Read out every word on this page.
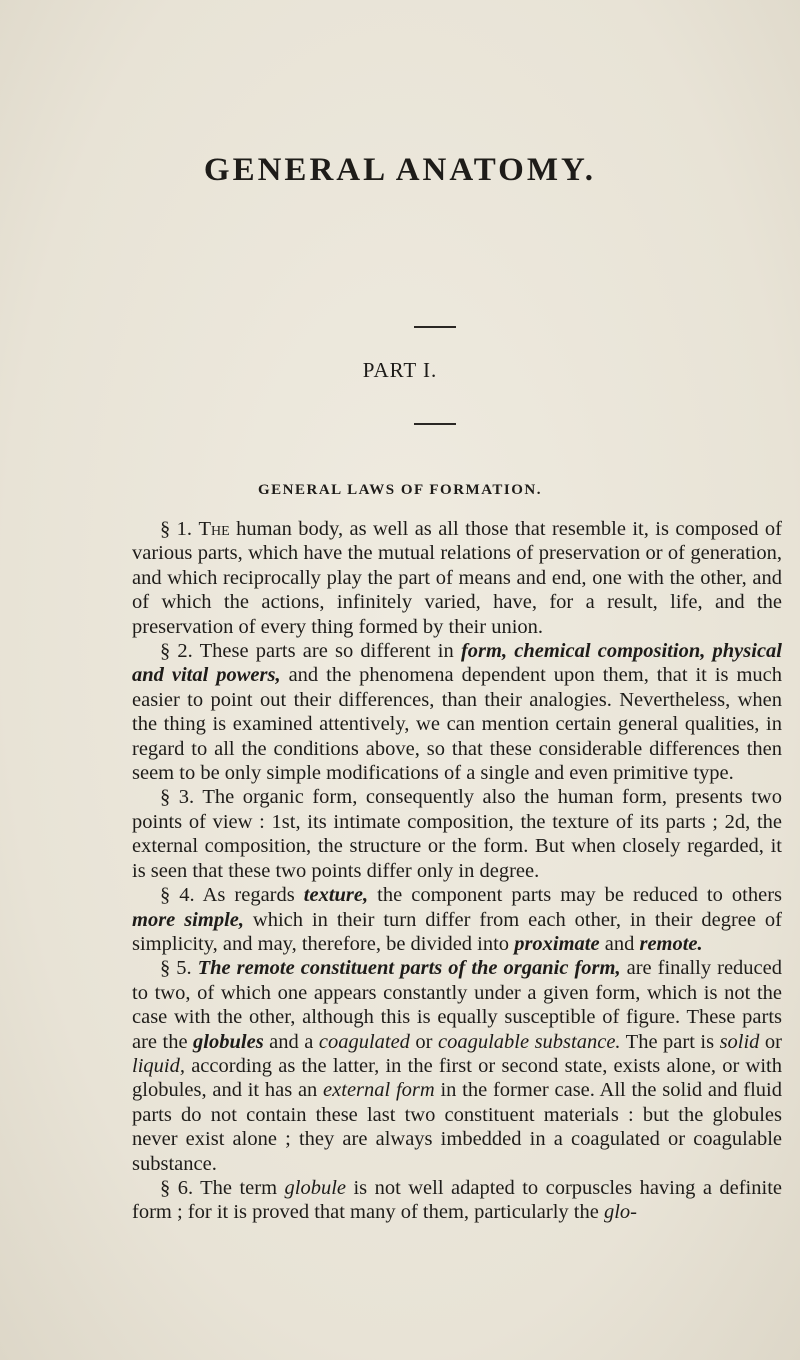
GENERAL ANATOMY.
PART I.
GENERAL LAWS OF FORMATION.

§ 1. The human body, as well as all those that resemble it, is composed of various parts, which have the mutual relations of preservation or of generation, and which reciprocally play the part of means and end, one with the other, and of which the actions, infinitely varied, have, for a result, life, and the preservation of every thing formed by their union.

§ 2. These parts are so different in form, chemical composition, physical and vital powers, and the phenomena dependent upon them, that it is much easier to point out their differences, than their analogies. Nevertheless, when the thing is examined attentively, we can mention certain general qualities, in regard to all the conditions above, so that these considerable differences then seem to be only simple modifications of a single and even primitive type.

§ 3. The organic form, consequently also the human form, presents two points of view : 1st, its intimate composition, the texture of its parts ; 2d, the external composition, the structure or the form. But when closely regarded, it is seen that these two points differ only in degree.

§ 4. As regards texture, the component parts may be reduced to others more simple, which in their turn differ from each other, in their degree of simplicity, and may, therefore, be divided into proximate and remote.

§ 5. The remote constituent parts of the organic form, are finally reduced to two, of which one appears constantly under a given form, which is not the case with the other, although this is equally susceptible of figure. These parts are the globules and a coagulated or coagulable substance. The part is solid or liquid, according as the latter, in the first or second state, exists alone, or with globules, and it has an external form in the former case. All the solid and fluid parts do not contain these last two constituent materials : but the globules never exist alone ; they are always imbedded in a coagulated or coagulable substance.

§ 6. The term globule is not well adapted to corpuscles having a definite form ; for it is proved that many of them, particularly the glo-
